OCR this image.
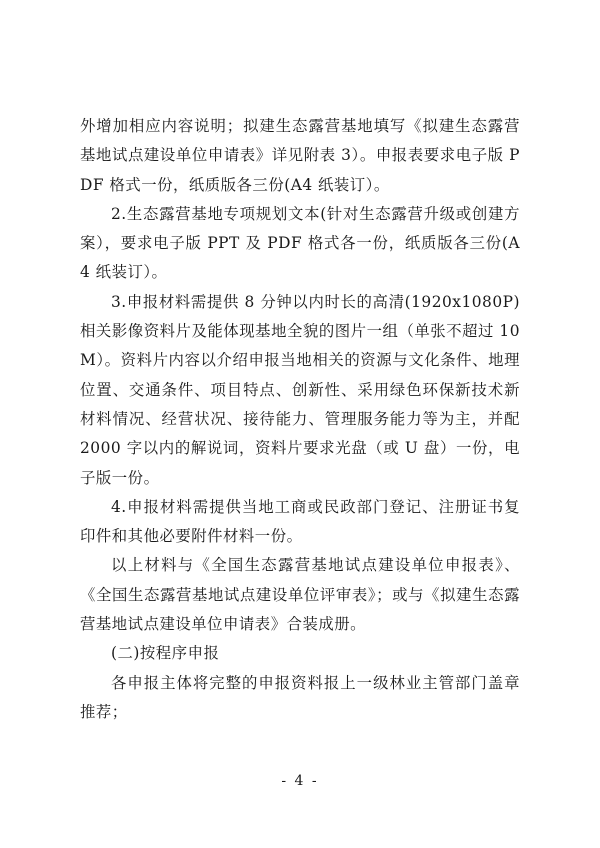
外增加相应内容说明；拟建生态露营基地填写《拟建生态露营基地试点建设单位申请表》详见附表 3）。申报表要求电子版 PDF 格式一份，纸质版各三份(A4 纸装订）。

2.生态露营基地专项规划文本(针对生态露营升级或创建方案），要求电子版 PPT 及 PDF 格式各一份，纸质版各三份(A4 纸装订）。

3.申报材料需提供 8 分钟以内时长的高清(1920x1080P)相关影像资料片及能体现基地全貌的图片一组（单张不超过 10M）。资料片内容以介绍申报当地相关的资源与文化条件、地理位置、交通条件、项目特点、创新性、采用绿色环保新技术新材料情况、经营状况、接待能力、管理服务能力等为主，并配 2000 字以内的解说词，资料片要求光盘（或 U 盘）一份，电子版一份。

4.申报材料需提供当地工商或民政部门登记、注册证书复印件和其他必要附件材料一份。

以上材料与《全国生态露营基地试点建设单位申报表》、《全国生态露营基地试点建设单位评审表》；或与《拟建生态露营基地试点建设单位申请表》合装成册。

(二)按程序申报

各申报主体将完整的申报资料报上一级林业主管部门盖章推荐；

- 4 -
